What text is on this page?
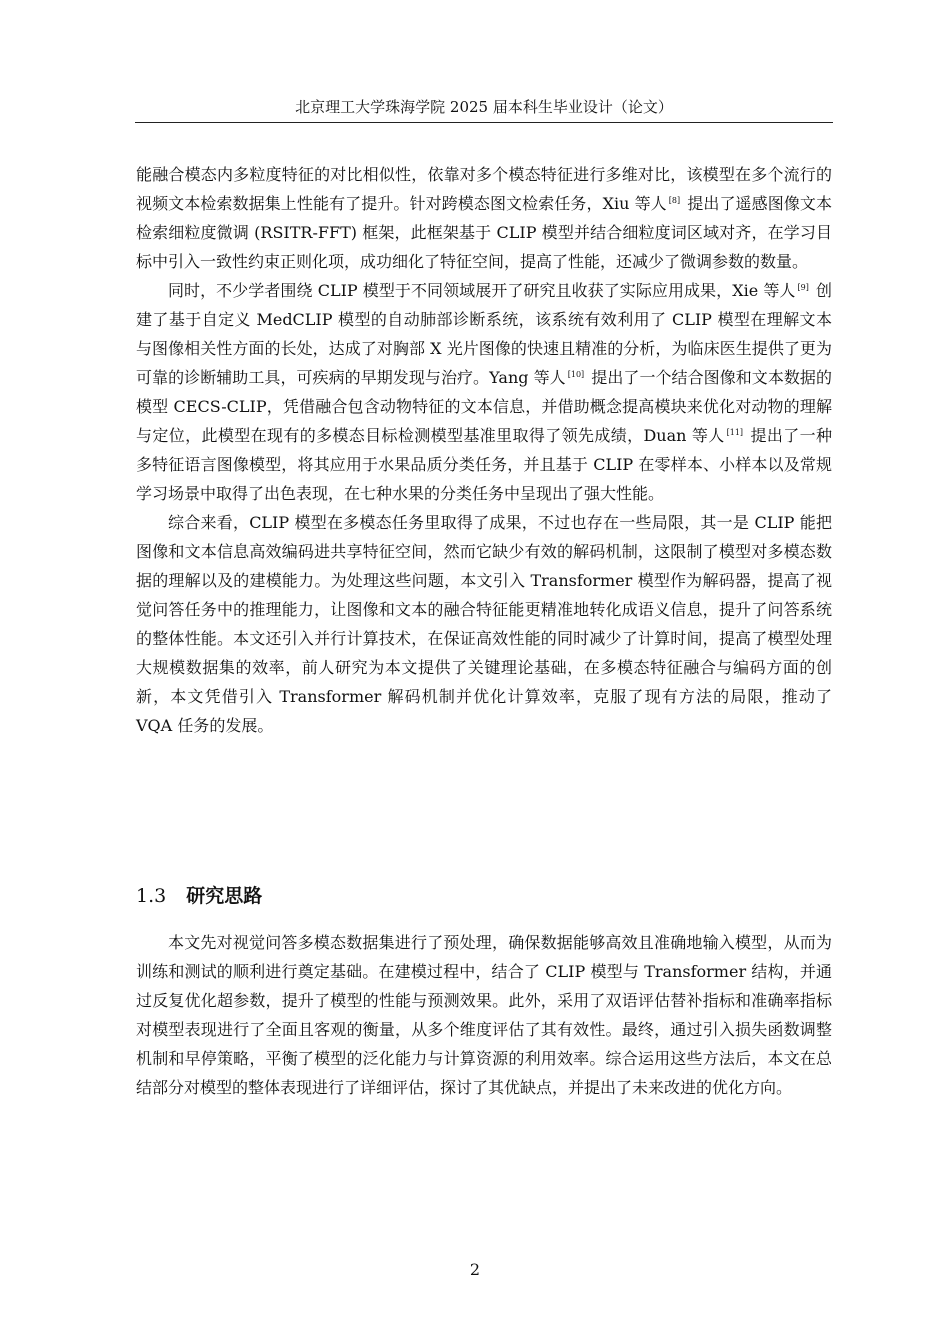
北京理工大学珠海学院 2025 届本科生毕业设计（论文）

能融合模态内多粒度特征的对比相似性，依靠对多个模态特征进行多维对比，该模型在多个流行的视频文本检索数据集上性能有了提升。针对跨模态图文检索任务，Xiu 等人 [8] 提出了遥感图像文本检索细粒度微调 (RSITR-FFT) 框架，此框架基于 CLIP 模型并结合细粒度词区域对齐，在学习目标中引入一致性约束正则化项，成功细化了特征空间，提高了性能，还减少了微调参数的数量。

同时，不少学者围绕 CLIP 模型于不同领域展开了研究且收获了实际应用成果，Xie 等人 [9] 创建了基于自定义 MedCLIP 模型的自动肺部诊断系统，该系统有效利用了 CLIP 模型在理解文本与图像相关性方面的长处，达成了对胸部 X 光片图像的快速且精准的分析，为临床医生提供了更为可靠的诊断辅助工具，可疾病的早期发现与治疗。Yang 等人 [10] 提出了一个结合图像和文本数据的模型 CECS-CLIP，凭借融合包含动物特征的文本信息，并借助概念提高模块来优化对动物的理解与定位，此模型在现有的多模态目标检测模型基准里取得了领先成绩，Duan 等人 [11] 提出了一种多特征语言图像模型，将其应用于水果品质分类任务，并且基于 CLIP 在零样本、小样本以及常规学习场景中取得了出色表现，在七种水果的分类任务中呈现出了强大性能。

综合来看，CLIP 模型在多模态任务里取得了成果，不过也存在一些局限，其一是 CLIP 能把图像和文本信息高效编码进共享特征空间，然而它缺少有效的解码机制，这限制了模型对多模态数据的理解以及的建模能力。为处理这些问题，本文引入 Transformer 模型作为解码器，提高了视觉问答任务中的推理能力，让图像和文本的融合特征能更精准地转化成语义信息，提升了问答系统的整体性能。本文还引入并行计算技术，在保证高效性能的同时减少了计算时间，提高了模型处理大规模数据集的效率，前人研究为本文提供了关键理论基础，在多模态特征融合与编码方面的创新，本文凭借引入 Transformer 解码机制并优化计算效率，克服了现有方法的局限，推动了 VQA 任务的发展。

1.3 研究思路

本文先对视觉问答多模态数据集进行了预处理，确保数据能够高效且准确地输入模型，从而为训练和测试的顺利进行奠定基础。在建模过程中，结合了 CLIP 模型与 Transformer 结构，并通过反复优化超参数，提升了模型的性能与预测效果。此外，采用了双语评估替补指标和准确率指标对模型表现进行了全面且客观的衡量，从多个维度评估了其有效性。最终，通过引入损失函数调整机制和早停策略，平衡了模型的泛化能力与计算资源的利用效率。综合运用这些方法后，本文在总结部分对模型的整体表现进行了详细评估，探讨了其优缺点，并提出了未来改进的优化方向。

2
